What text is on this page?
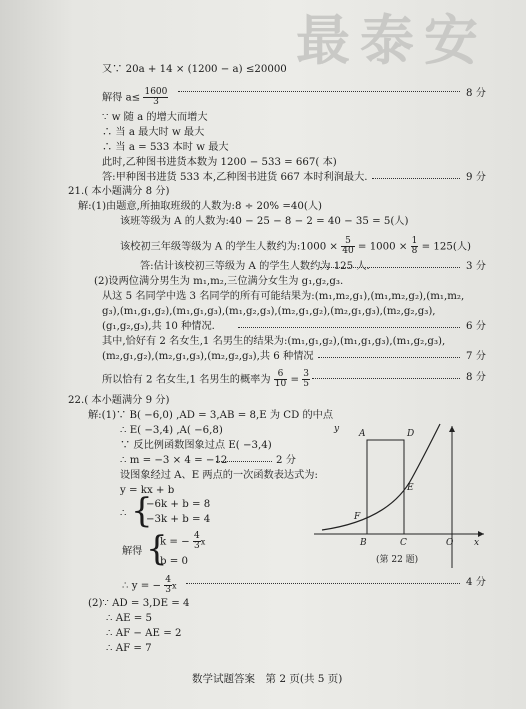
最泰安
又∵ 20a + 14 × (1200 − a) ≤20000
解得 $a\le \frac{1600}{3}$	8 分
∵ w 随 a 的增大而增大
∴ 当 a 最大时 w 最大
∴ 当 a = 533 本时 w 最大
此时,乙种图书进货本数为 1200 − 533 = 667( 本)
答:甲种图书进货 533 本,乙种图书进货 667 本时利润最大.	9 分
21.( 本小题满分 8 分)
解:(1)由题意,所抽取班级的人数为:8 ÷ 20% =40(人)
该班等级为 A 的人数为:40 − 25 − 8 − 2 = 40 − 35 = 5(人)
该校初三年级等级为 A 的学生人数约为:1000 × $\frac{5}{40} = 1000 \times \frac{1}{8} = 125$(人)
答:估计该校初三等级为 A 的学生人数约为 125 人.	3 分
(2)设两位满分男生为 m₁,m₂,三位满分女生为 g₁,g₂,g₃.
从这 5 名同学中选 3 名同学的所有可能结果为:(m₁,m₂,g₁),(m₁,m₂,g₂),(m₁,m₂,
g₃),(m₁,g₁,g₂),(m₁,g₁,g₃),(m₁,g₂,g₃),(m₂,g₁,g₂),(m₂,g₁,g₃),(m₂,g₂,g₃),
(g₁,g₂,g₃),共 10 种情况.	6 分
其中,恰好有 2 名女生,1 名男生的结果为:(m₁,g₁,g₂),(m₁,g₁,g₃),(m₁,g₂,g₃),
(m₂,g₁,g₂),(m₂,g₁,g₃),(m₂,g₂,g₃),共 6 种情况	7 分
所以恰有 2 名女生,1 名男生的概率为 $\frac{6}{10} = \frac{3}{5}$	8 分
22.( 本小题满分 9 分)
解:(1)∵ B( −6,0) ,AD = 3,AB = 8,E 为 CD 的中点
∴ E( −3,4) ,A( −6,8)
∵ 反比例函数图象过点 E( −3,4)
∴ m = −3 × 4 = −12	2 分
设图象经过 A、E 两点的一次函数表达式为:
y = kx + b
∴ {
−6k + b = 8
−3k + b = 4
解得 {
k = − $\frac{4}{3}$ x
b = 0
∴ y = − $\frac{4}{3}$ x	4 分
(2)∵ AD = 3,DE = 4
∴ AE = 5
∴ AF − AE = 2
∴ AF = 7
y A	D
E
F
B	C	O x
(第 22 题)
数学试题答案　第 2 页(共 5 页)
